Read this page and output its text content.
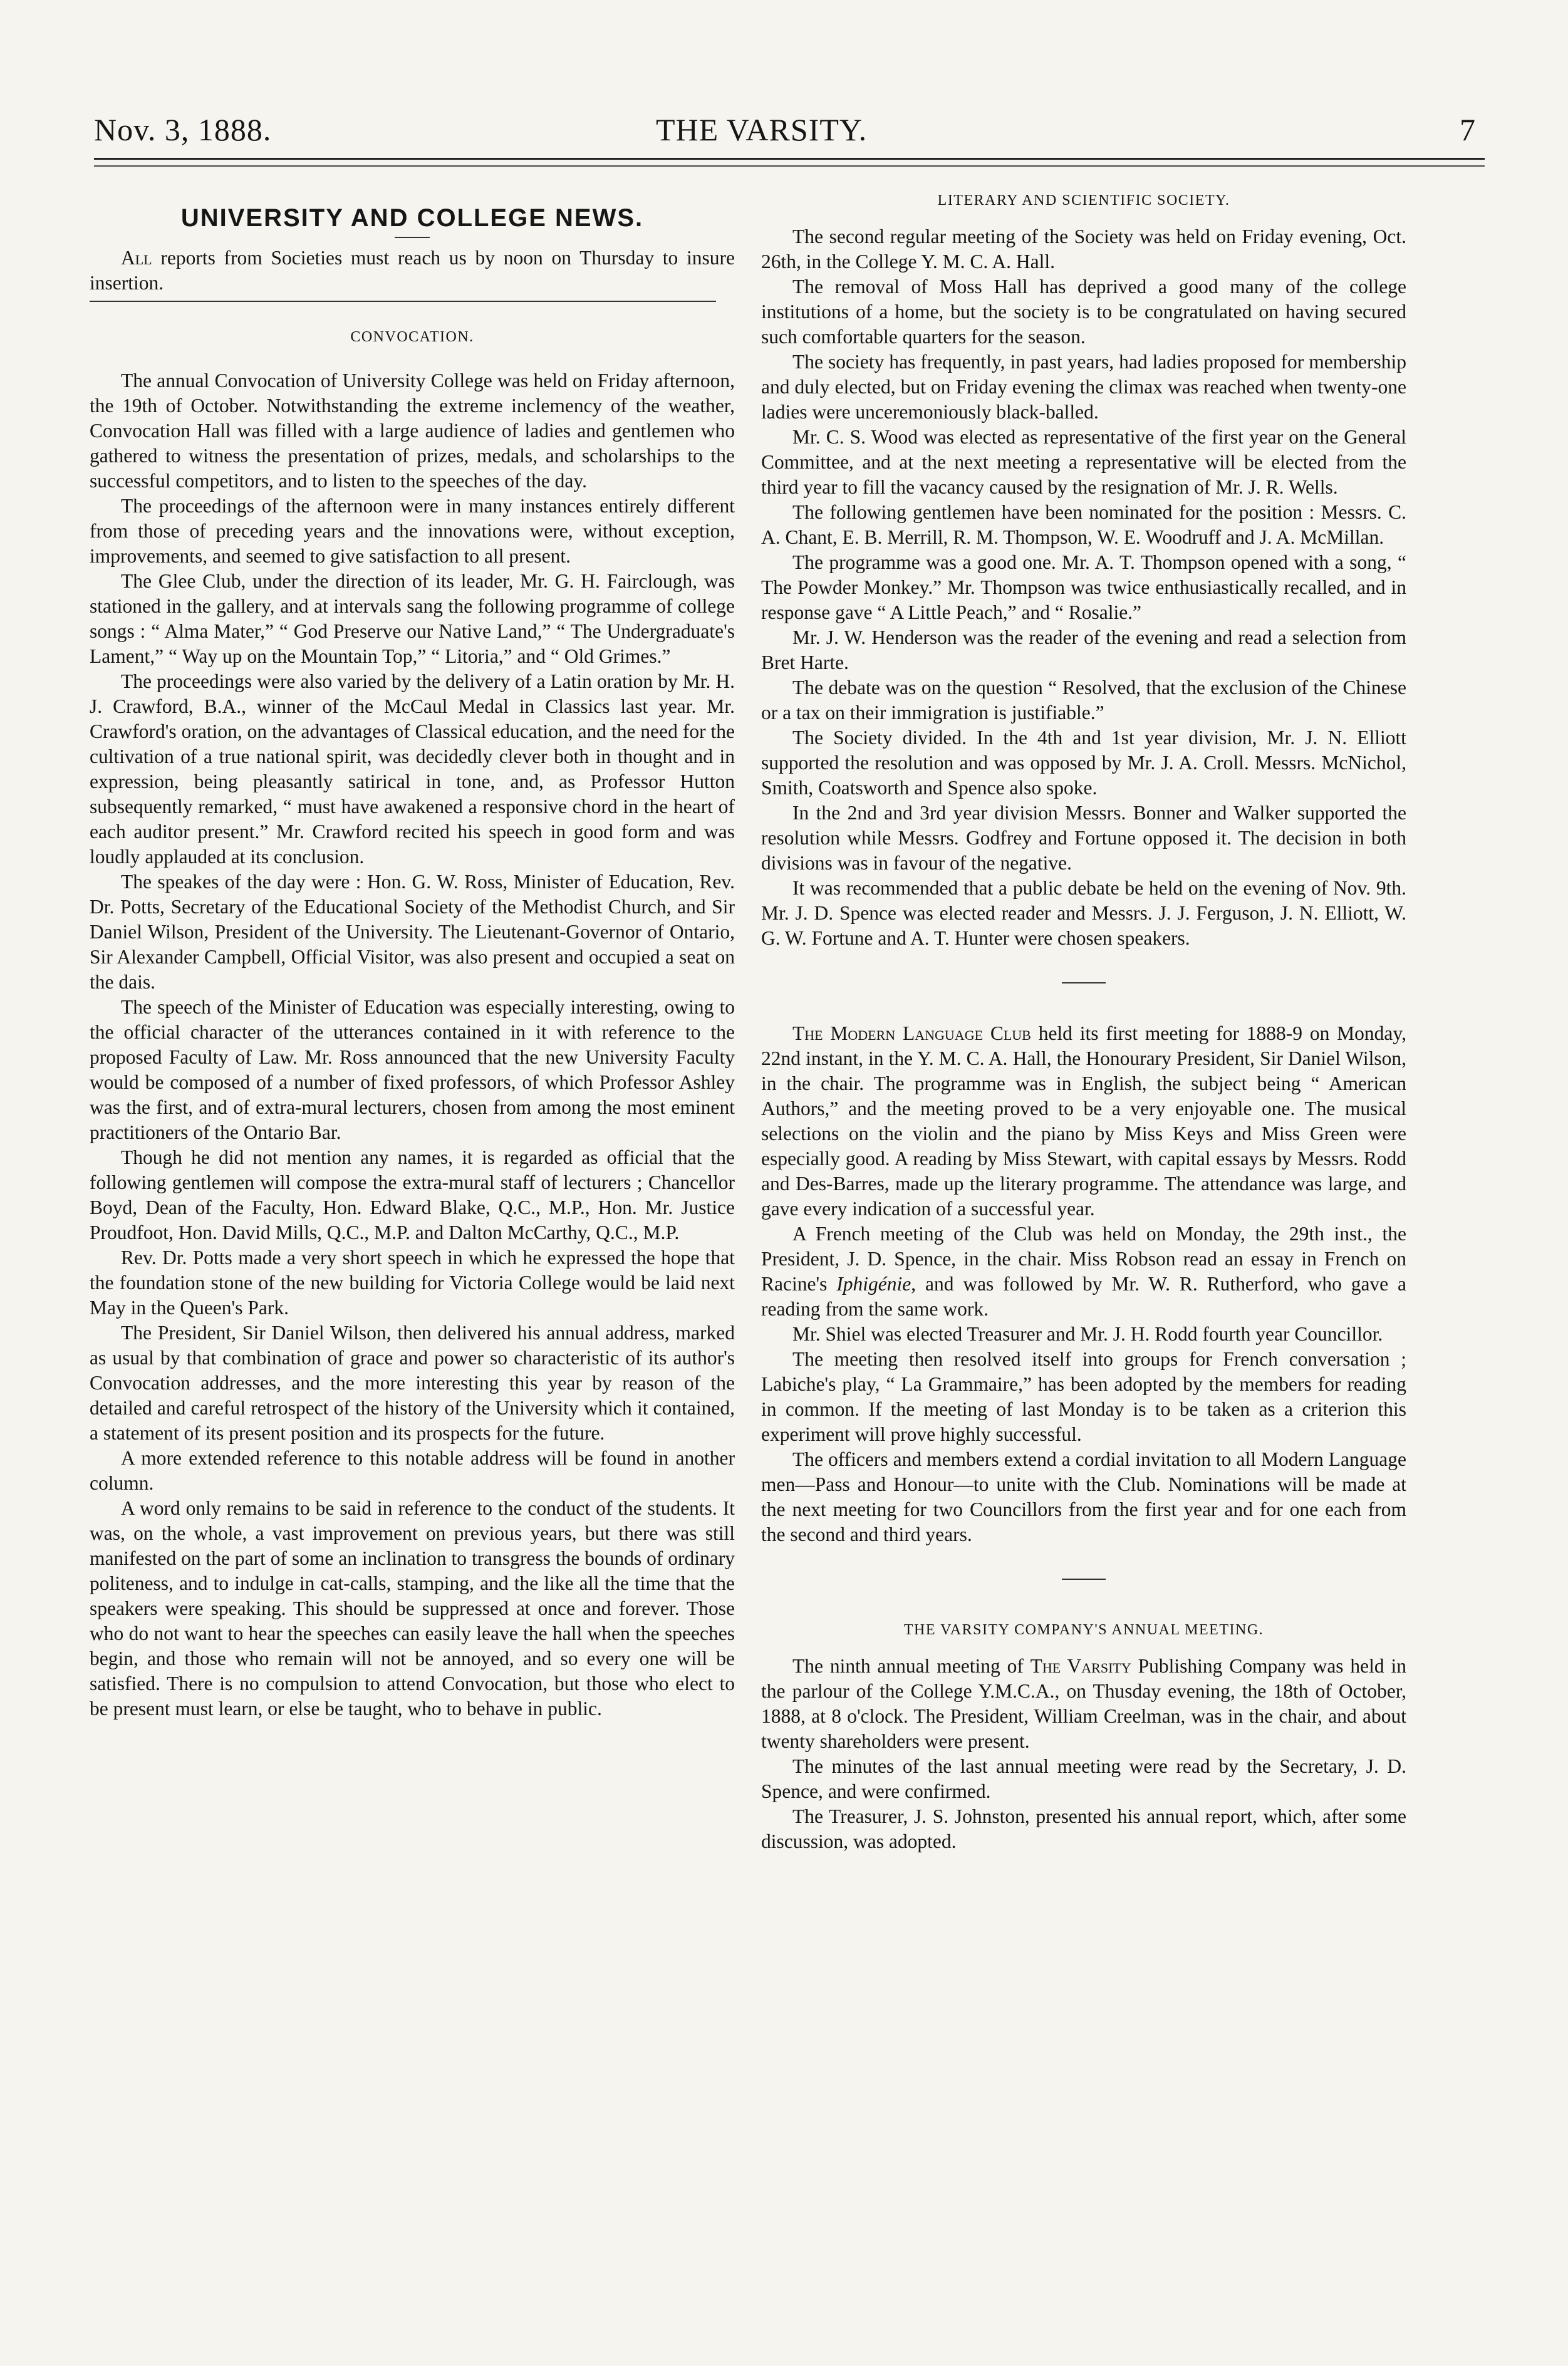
Nov. 3, 1888.	THE VARSITY.	7
UNIVERSITY AND COLLEGE NEWS.

All reports from Societies must reach us by noon on Thursday to insure insertion.

CONVOCATION.

The annual Convocation of University College was held on Friday afternoon, the 19th of October. Notwithstanding the extreme inclemency of the weather, Convocation Hall was filled with a large audience of ladies and gentlemen who gathered to witness the presentation of prizes, medals, and scholarships to the successful competitors, and to listen to the speeches of the day.

The proceedings of the afternoon were in many instances entirely different from those of preceding years and the innovations were, without exception, improvements, and seemed to give satisfaction to all present.

The Glee Club, under the direction of its leader, Mr. G. H. Fairclough, was stationed in the gallery, and at intervals sang the following programme of college songs : “ Alma Mater,” “ God Preserve our Native Land,” “ The Undergraduate's Lament,” “ Way up on the Mountain Top,” “ Litoria,” and “ Old Grimes.”

The proceedings were also varied by the delivery of a Latin oration by Mr. H. J. Crawford, B.A., winner of the McCaul Medal in Classics last year. Mr. Crawford's oration, on the advantages of Classical education, and the need for the cultivation of a true national spirit, was decidedly clever both in thought and in expression, being pleasantly satirical in tone, and, as Professor Hutton subsequently remarked, “ must have awakened a responsive chord in the heart of each auditor present.” Mr. Crawford recited his speech in good form and was loudly applauded at its conclusion.

The speakes of the day were : Hon. G. W. Ross, Minister of Education, Rev. Dr. Potts, Secretary of the Educational Society of the Methodist Church, and Sir Daniel Wilson, President of the University. The Lieutenant-Governor of Ontario, Sir Alexander Campbell, Official Visitor, was also present and occupied a seat on the dais.

The speech of the Minister of Education was especially interesting, owing to the official character of the utterances contained in it with reference to the proposed Faculty of Law. Mr. Ross announced that the new University Faculty would be composed of a number of fixed professors, of which Professor Ashley was the first, and of extra-mural lecturers, chosen from among the most eminent practitioners of the Ontario Bar.

Though he did not mention any names, it is regarded as official that the following gentlemen will compose the extra-mural staff of lecturers ; Chancellor Boyd, Dean of the Faculty, Hon. Edward Blake, Q.C., M.P., Hon. Mr. Justice Proudfoot, Hon. David Mills, Q.C., M.P. and Dalton McCarthy, Q.C., M.P.

Rev. Dr. Potts made a very short speech in which he expressed the hope that the foundation stone of the new building for Victoria College would be laid next May in the Queen's Park.

The President, Sir Daniel Wilson, then delivered his annual address, marked as usual by that combination of grace and power so characteristic of its author's Convocation addresses, and the more interesting this year by reason of the detailed and careful retrospect of the history of the University which it contained, a statement of its present position and its prospects for the future.

A more extended reference to this notable address will be found in another column.

A word only remains to be said in reference to the conduct of the students. It was, on the whole, a vast improvement on previous years, but there was still manifested on the part of some an inclination to transgress the bounds of ordinary politeness, and to indulge in cat-calls, stamping, and the like all the time that the speakers were speaking. This should be suppressed at once and forever. Those who do not want to hear the speeches can easily leave the hall when the speeches begin, and those who remain will not be annoyed, and so every one will be satisfied. There is no compulsion to attend Convocation, but those who elect to be present must learn, or else be taught, who to behave in public.

LITERARY AND SCIENTIFIC SOCIETY.

The second regular meeting of the Society was held on Friday evening, Oct. 26th, in the College Y. M. C. A. Hall.

The removal of Moss Hall has deprived a good many of the college institutions of a home, but the society is to be congratulated on having secured such comfortable quarters for the season.

The society has frequently, in past years, had ladies proposed for membership and duly elected, but on Friday evening the climax was reached when twenty-one ladies were unceremoniously black-balled.

Mr. C. S. Wood was elected as representative of the first year on the General Committee, and at the next meeting a representative will be elected from the third year to fill the vacancy caused by the resignation of Mr. J. R. Wells.

The following gentlemen have been nominated for the position : Messrs. C. A. Chant, E. B. Merrill, R. M. Thompson, W. E. Woodruff and J. A. McMillan.

The programme was a good one. Mr. A. T. Thompson opened with a song, “ The Powder Monkey.” Mr. Thompson was twice enthusiastically recalled, and in response gave “ A Little Peach,” and “ Rosalie.”

Mr. J. W. Henderson was the reader of the evening and read a selection from Bret Harte.

The debate was on the question “ Resolved, that the exclusion of the Chinese or a tax on their immigration is justifiable.”

The Society divided. In the 4th and 1st year division, Mr. J. N. Elliott supported the resolution and was opposed by Mr. J. A. Croll. Messrs. McNichol, Smith, Coatsworth and Spence also spoke.

In the 2nd and 3rd year division Messrs. Bonner and Walker supported the resolution while Messrs. Godfrey and Fortune opposed it. The decision in both divisions was in favour of the negative.

It was recommended that a public debate be held on the evening of Nov. 9th. Mr. J. D. Spence was elected reader and Messrs. J. J. Ferguson, J. N. Elliott, W. G. W. Fortune and A. T. Hunter were chosen speakers.

The Modern Language Club held its first meeting for 1888-9 on Monday, 22nd instant, in the Y. M. C. A. Hall, the Honourary President, Sir Daniel Wilson, in the chair. The programme was in English, the subject being “ American Authors,” and the meeting proved to be a very enjoyable one. The musical selections on the violin and the piano by Miss Keys and Miss Green were especially good. A reading by Miss Stewart, with capital essays by Messrs. Rodd and Des-Barres, made up the literary programme. The attendance was large, and gave every indication of a successful year.

A French meeting of the Club was held on Monday, the 29th inst., the President, J. D. Spence, in the chair. Miss Robson read an essay in French on Racine's Iphigénie, and was followed by Mr. W. R. Rutherford, who gave a reading from the same work.

Mr. Shiel was elected Treasurer and Mr. J. H. Rodd fourth year Councillor.

The meeting then resolved itself into groups for French conversation ; Labiche's play, “ La Grammaire,” has been adopted by the members for reading in common. If the meeting of last Monday is to be taken as a criterion this experiment will prove highly successful.

The officers and members extend a cordial invitation to all Modern Language men—Pass and Honour—to unite with the Club. Nominations will be made at the next meeting for two Councillors from the first year and for one each from the second and third years.

THE VARSITY COMPANY'S ANNUAL MEETING.

The ninth annual meeting of The Varsity Publishing Company was held in the parlour of the College Y.M.C.A., on Thusday evening, the 18th of October, 1888, at 8 o'clock. The President, William Creelman, was in the chair, and about twenty shareholders were present.

The minutes of the last annual meeting were read by the Secretary, J. D. Spence, and were confirmed.

The Treasurer, J. S. Johnston, presented his annual report, which, after some discussion, was adopted.
